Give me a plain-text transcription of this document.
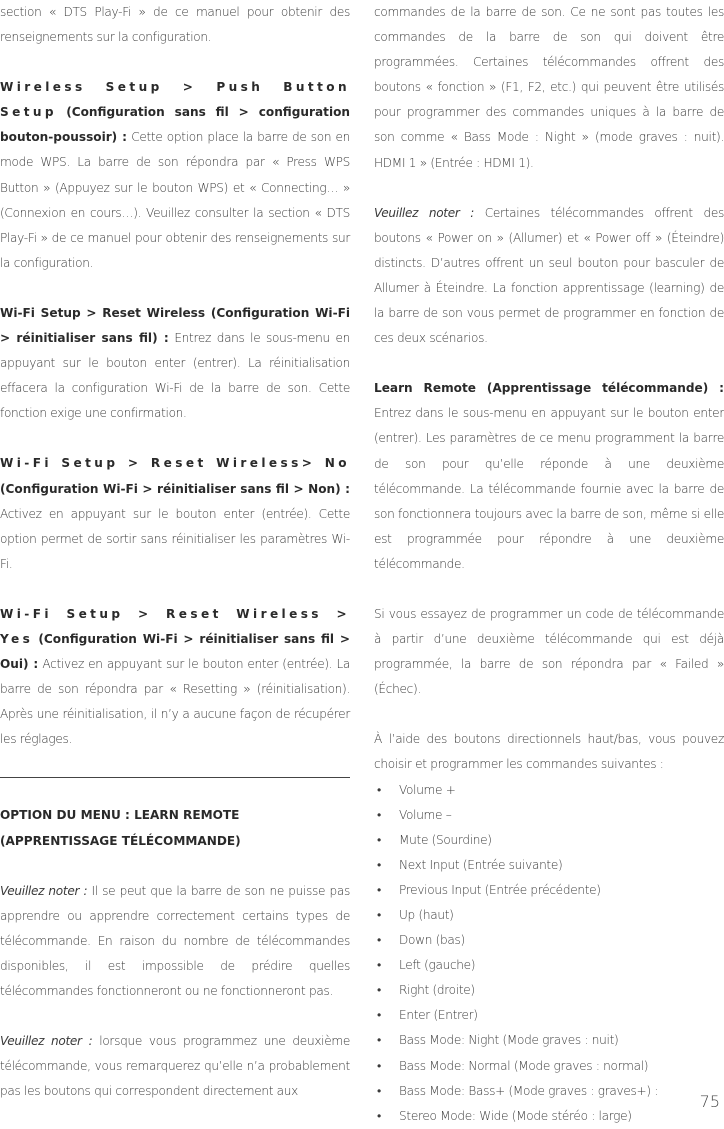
section « DTS Play-Fi » de ce manuel pour obtenir des renseignements sur la configuration.

Wireless Setup > Push Button Setup (Configuration sans fil > configuration bouton-poussoir) : Cette option place la barre de son en mode WPS. La barre de son répondra par « Press WPS Button » (Appuyez sur le bouton WPS) et « Connecting… » (Connexion en cours…). Veuillez consulter la section « DTS Play-Fi » de ce manuel pour obtenir des renseignements sur la configuration.

Wi-Fi Setup > Reset Wireless (Configuration Wi-Fi > réinitialiser sans fil) : Entrez dans le sous-menu en appuyant sur le bouton enter (entrer). La réinitialisation effacera la configuration Wi-Fi de la barre de son. Cette fonction exige une confirmation.

Wi-Fi Setup > Reset Wireless> No (Configuration Wi-Fi > réinitialiser sans fil > Non) : Activez en appuyant sur le bouton enter (entrée). Cette option permet de sortir sans réinitialiser les paramètres Wi-Fi.

Wi-Fi Setup > Reset Wireless > Yes (Configuration Wi-Fi > réinitialiser sans fil > Oui) : Activez en appuyant sur le bouton enter (entrée). La barre de son répondra par « Resetting » (réinitialisation). Après une réinitialisation, il n’y a aucune façon de récupérer les réglages.

OPTION DU MENU : LEARN REMOTE
(APPRENTISSAGE TÉLÉCOMMANDE)

Veuillez noter : Il se peut que la barre de son ne puisse pas apprendre ou apprendre correctement certains types de télécommande. En raison du nombre de télécommandes disponibles, il est impossible de prédire quelles télécommandes fonctionneront ou ne fonctionneront pas.

Veuillez noter : lorsque vous programmez une deuxième télécommande, vous remarquerez qu’elle n’a probablement pas les boutons qui correspondent directement aux

commandes de la barre de son. Ce ne sont pas toutes les commandes de la barre de son qui doivent être programmées. Certaines télécommandes offrent des boutons « fonction » (F1, F2, etc.) qui peuvent être utilisés pour programmer des commandes uniques à la barre de son comme « Bass Mode : Night » (mode graves : nuit). HDMI 1 » (Entrée : HDMI 1).

Veuillez noter : Certaines télécommandes offrent des boutons « Power on » (Allumer) et « Power off » (Éteindre) distincts. D’autres offrent un seul bouton pour basculer de Allumer à Éteindre. La fonction apprentissage (learning) de la barre de son vous permet de programmer en fonction de ces deux scénarios.

Learn Remote (Apprentissage télécommande) : Entrez dans le sous-menu en appuyant sur le bouton enter (entrer). Les paramètres de ce menu programment la barre de son pour qu’elle réponde à une deuxième télécommande. La télécommande fournie avec la barre de son fonctionnera toujours avec la barre de son, même si elle est programmée pour répondre à une deuxième télécommande.

Si vous essayez de programmer un code de télécommande à partir d’une deuxième télécommande qui est déjà programmée, la barre de son répondra par « Failed » (Échec).

À l’aide des boutons directionnels haut/bas, vous pouvez choisir et programmer les commandes suivantes :
• Volume +
• Volume –
• Mute (Sourdine)
• Next Input (Entrée suivante)
• Previous Input (Entrée précédente)
• Up (haut)
• Down (bas)
• Left (gauche)
• Right (droite)
• Enter (Entrer)
• Bass Mode: Night (Mode graves : nuit)
• Bass Mode: Normal (Mode graves : normal)
• Bass Mode: Bass+ (Mode graves : graves+) :
• Stereo Mode: Wide (Mode stéréo : large)
75
